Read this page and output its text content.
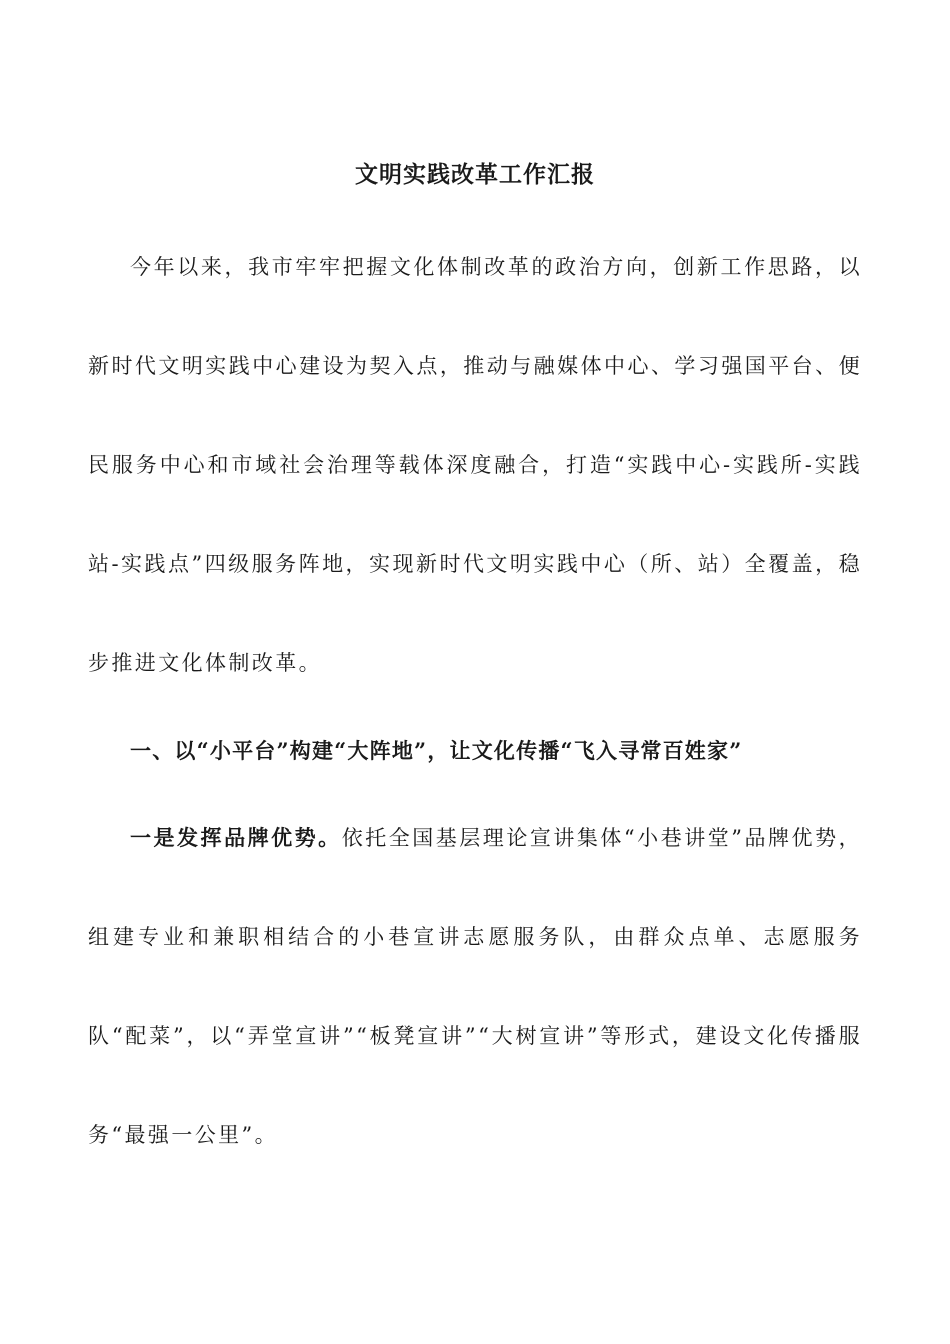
文明实践改革工作汇报

今年以来，我市牢牢把握文化体制改革的政治方向，创新工作思路，以新时代文明实践中心建设为契入点，推动与融媒体中心、学习强国平台、便民服务中心和市域社会治理等载体深度融合，打造“实践中心-实践所-实践站-实践点”四级服务阵地，实现新时代文明实践中心（所、站）全覆盖，稳步推进文化体制改革。

一、以“小平台”构建“大阵地”，让文化传播“飞入寻常百姓家”

一是发挥品牌优势。依托全国基层理论宣讲集体“小巷讲堂”品牌优势，组建专业和兼职相结合的小巷宣讲志愿服务队，由群众点单、志愿服务队“配菜”，以“弄堂宣讲”“板凳宣讲”“大树宣讲”等形式，建设文化传播服务“最强一公里”。
